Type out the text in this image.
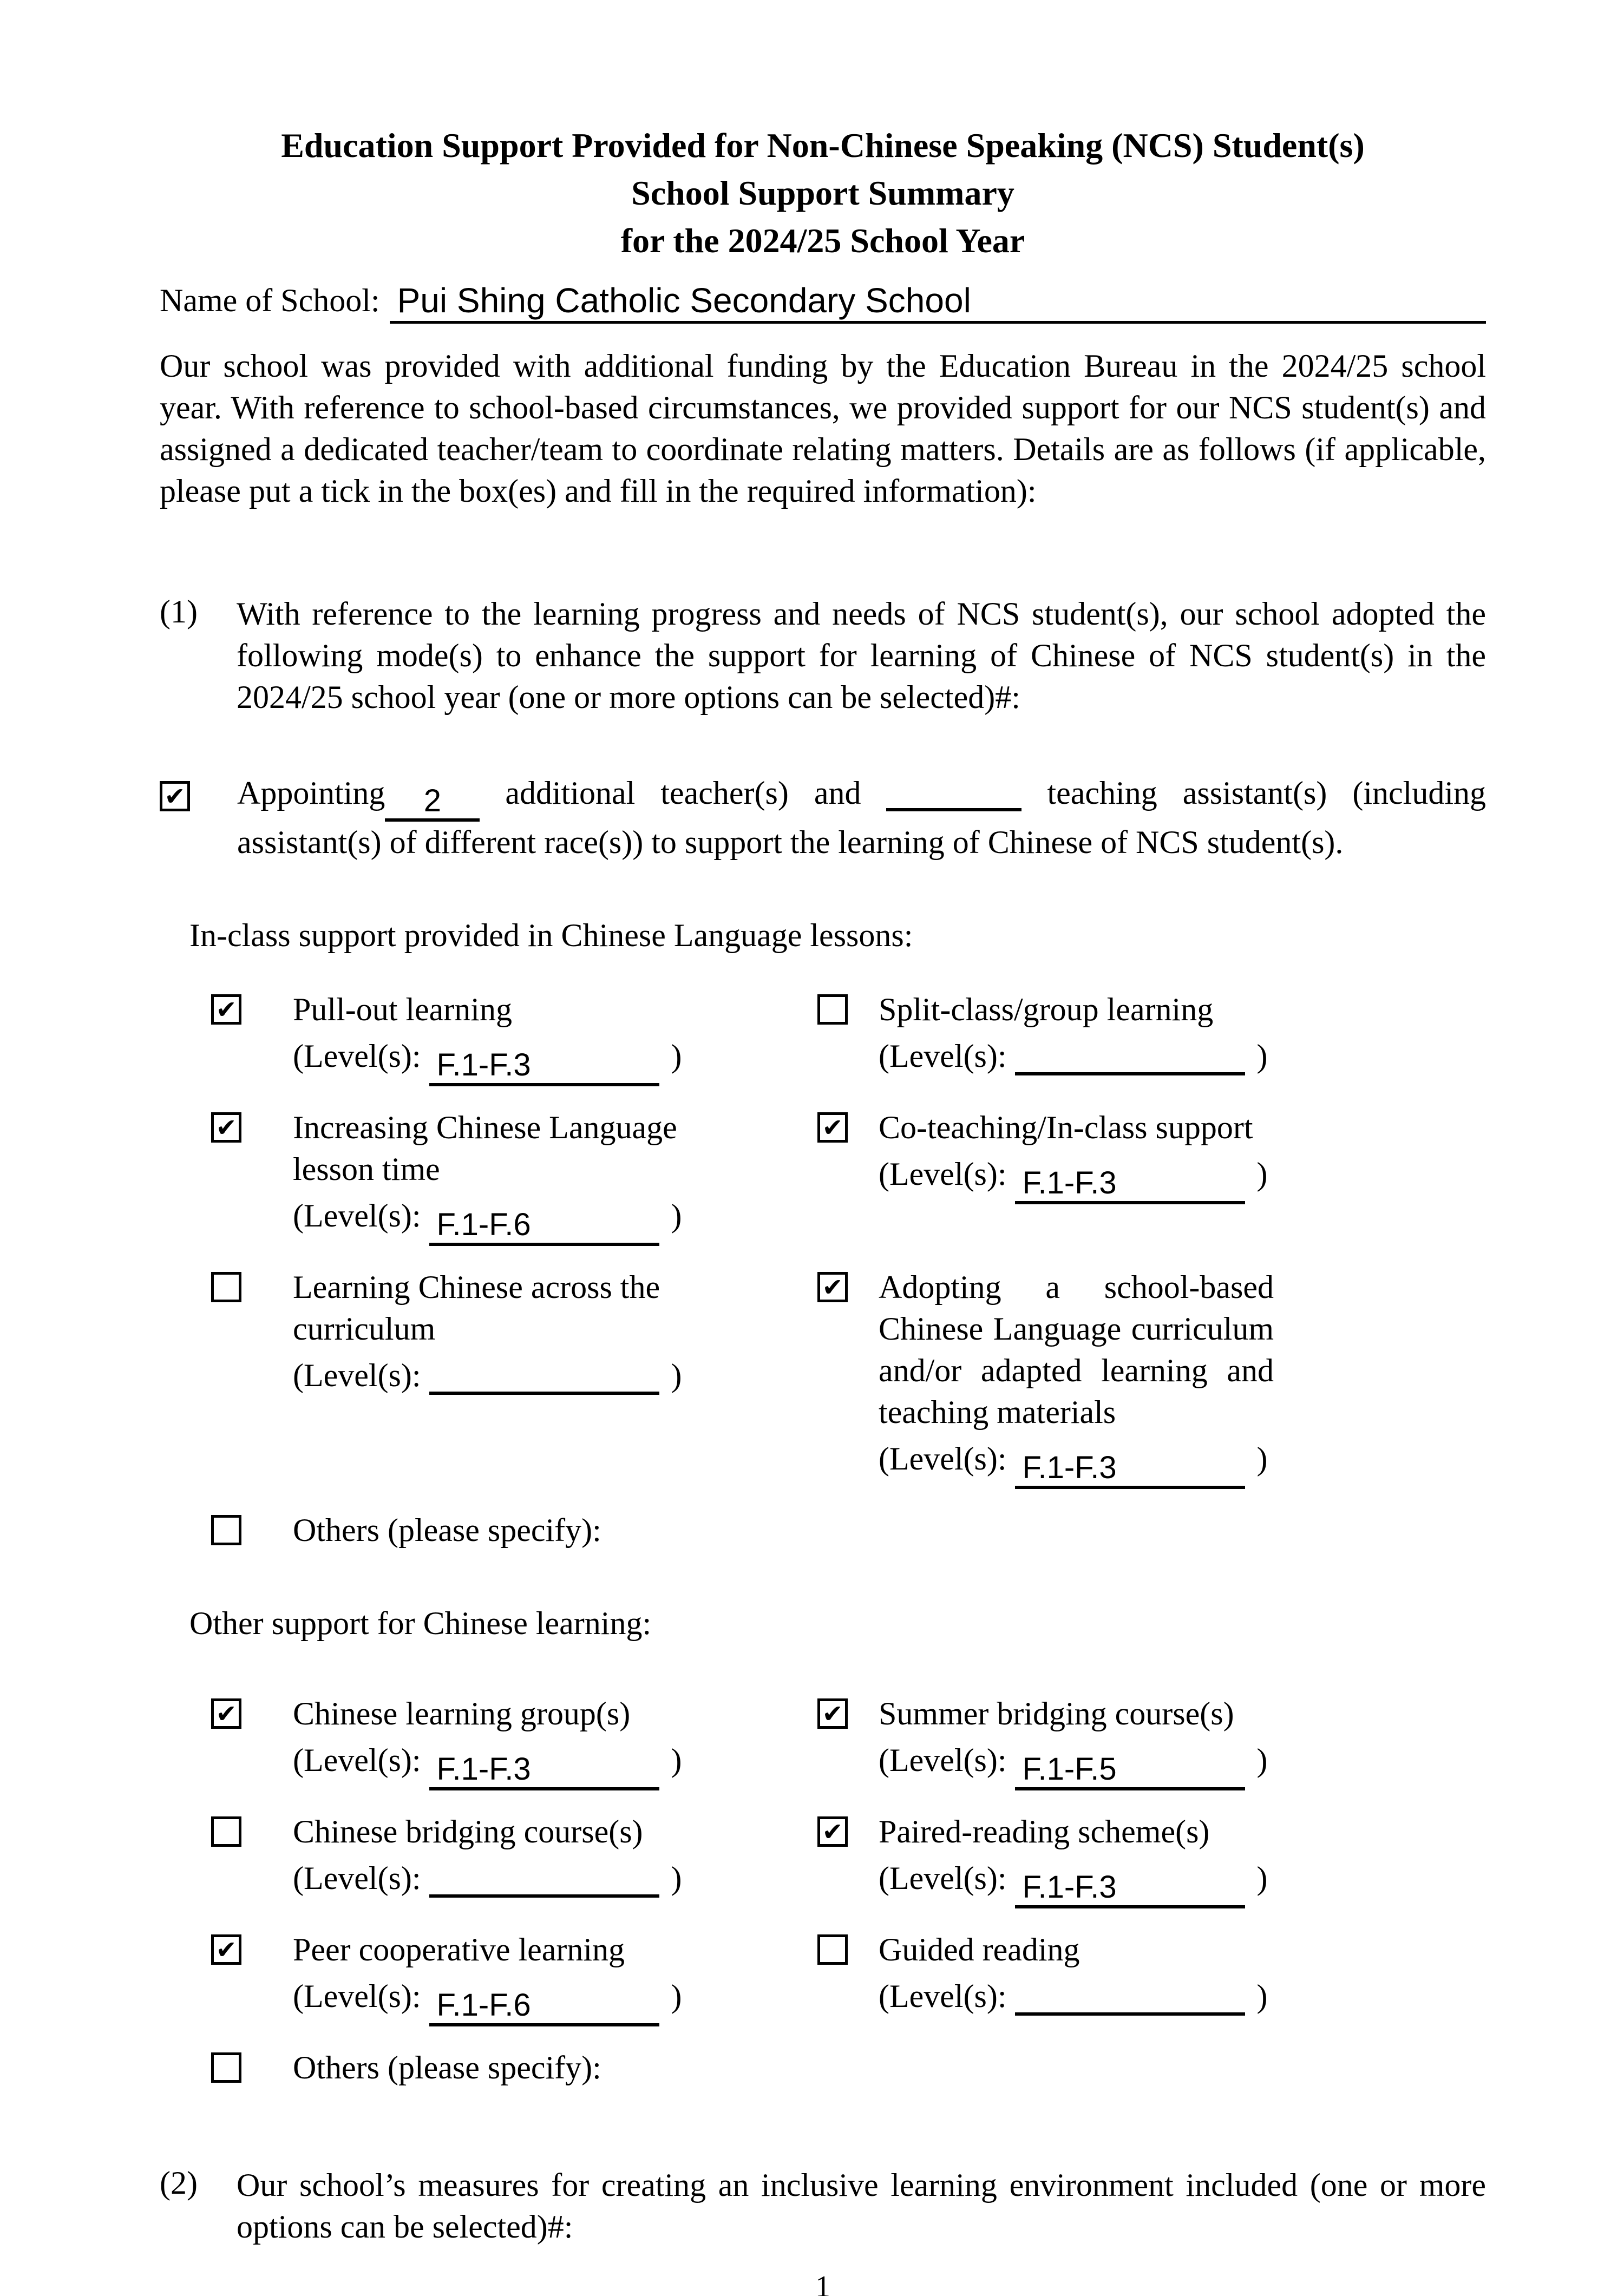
Education Support Provided for Non-Chinese Speaking (NCS) Student(s)
School Support Summary
for the 2024/25 School Year
Name of School: Pui Shing Catholic Secondary School
Our school was provided with additional funding by the Education Bureau in the 2024/25 school year. With reference to school-based circumstances, we provided support for our NCS student(s) and assigned a dedicated teacher/team to coordinate relating matters. Details are as follows (if applicable, please put a tick in the box(es) and fill in the required information):
(1)	With reference to the learning progress and needs of NCS student(s), our school adopted the following mode(s) to enhance the support for learning of Chinese of NCS student(s) in the 2024/25 school year (one or more options can be selected)#:
✔	Appointing	2	additional teacher(s) and	teaching assistant(s) (including assistant(s) of different race(s)) to support the learning of Chinese of NCS student(s).
In-class support provided in Chinese Language lessons:
✔ Pull-out learning
(Level(s): F.1-F.3	)
Split-class/group learning
(Level(s):	)
✔ Increasing Chinese Language lesson time
(Level(s): F.1-F.6	)
✔ Co-teaching/In-class support
(Level(s): F.1-F.3	)
Learning Chinese across the curriculum
(Level(s):	)
✔ Adopting a school-based Chinese Language curriculum and/or adapted learning and teaching materials
(Level(s): F.1-F.3	)
Others (please specify):
Other support for Chinese learning:
✔ Chinese learning group(s)
(Level(s): F.1-F.3	)
✔ Summer bridging course(s)
(Level(s): F.1-F.5	)
Chinese bridging course(s)
(Level(s):	)
✔ Paired-reading scheme(s)
(Level(s): F.1-F.3	)
✔ Peer cooperative learning
(Level(s): F.1-F.6	)
Guided reading
(Level(s):	)
Others (please specify):
(2)	Our school’s measures for creating an inclusive learning environment included (one or more options can be selected)#:
1
